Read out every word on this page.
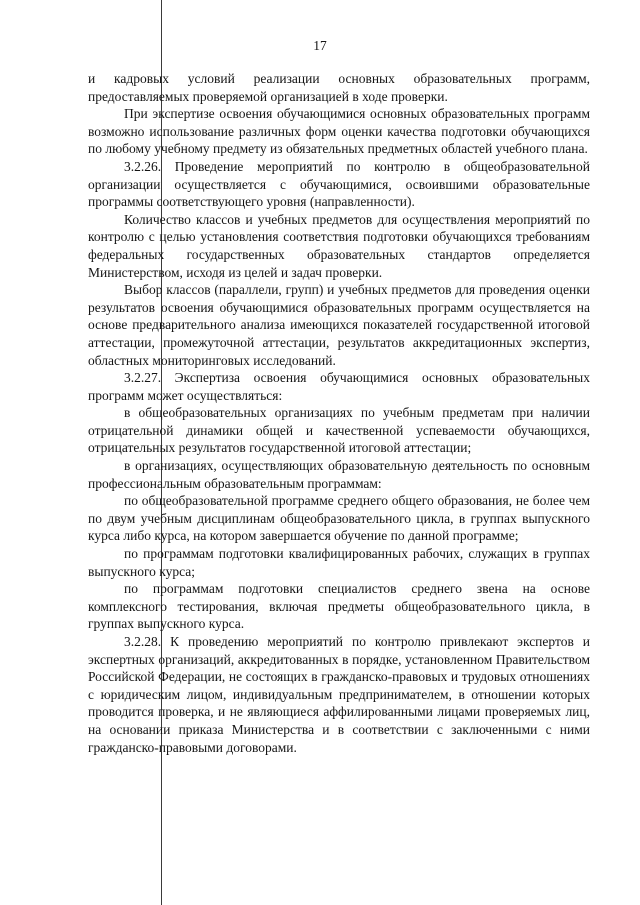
17

и кадровых условий реализации основных образовательных программ, предоставляемых проверяемой организацией в ходе проверки.

При экспертизе освоения обучающимися основных образовательных программ возможно использование различных форм оценки качества подготовки обучающихся по любому учебному предмету из обязательных предметных областей учебного плана.

3.2.26. Проведение мероприятий по контролю в общеобразовательной организации осуществляется с обучающимися, освоившими образовательные программы соответствующего уровня (направленности).

Количество классов и учебных предметов для осуществления мероприятий по контролю с целью установления соответствия подготовки обучающихся требованиям федеральных государственных образовательных стандартов определяется Министерством, исходя из целей и задач проверки.

Выбор классов (параллели, групп) и учебных предметов для проведения оценки результатов освоения обучающимися образовательных программ осуществляется на основе предварительного анализа имеющихся показателей государственной итоговой аттестации, промежуточной аттестации, результатов аккредитационных экспертиз, областных мониторинговых исследований.

3.2.27. Экспертиза освоения обучающимися основных образовательных программ может осуществляться:

в общеобразовательных организациях по учебным предметам при наличии отрицательной динамики общей и качественной успеваемости обучающихся, отрицательных результатов государственной итоговой аттестации;

в организациях, осуществляющих образовательную деятельность по основным профессиональным образовательным программам:

по общеобразовательной программе среднего общего образования, не более чем по двум учебным дисциплинам общеобразовательного цикла, в группах выпускного курса либо курса, на котором завершается обучение по данной программе;

по программам подготовки квалифицированных рабочих, служащих в группах выпускного курса;

по программам подготовки специалистов среднего звена на основе комплексного тестирования, включая предметы общеобразовательного цикла, в группах выпускного курса.

3.2.28. К проведению мероприятий по контролю привлекают экспертов и экспертных организаций, аккредитованных в порядке, установленном Правительством Российской Федерации, не состоящих в гражданско-правовых и трудовых отношениях с юридическим лицом, индивидуальным предпринимателем, в отношении которых проводится проверка, и не являющиеся аффилированными лицами проверяемых лиц, на основании приказа Министерства и в соответствии с заключенными с ними гражданско-правовыми договорами.
